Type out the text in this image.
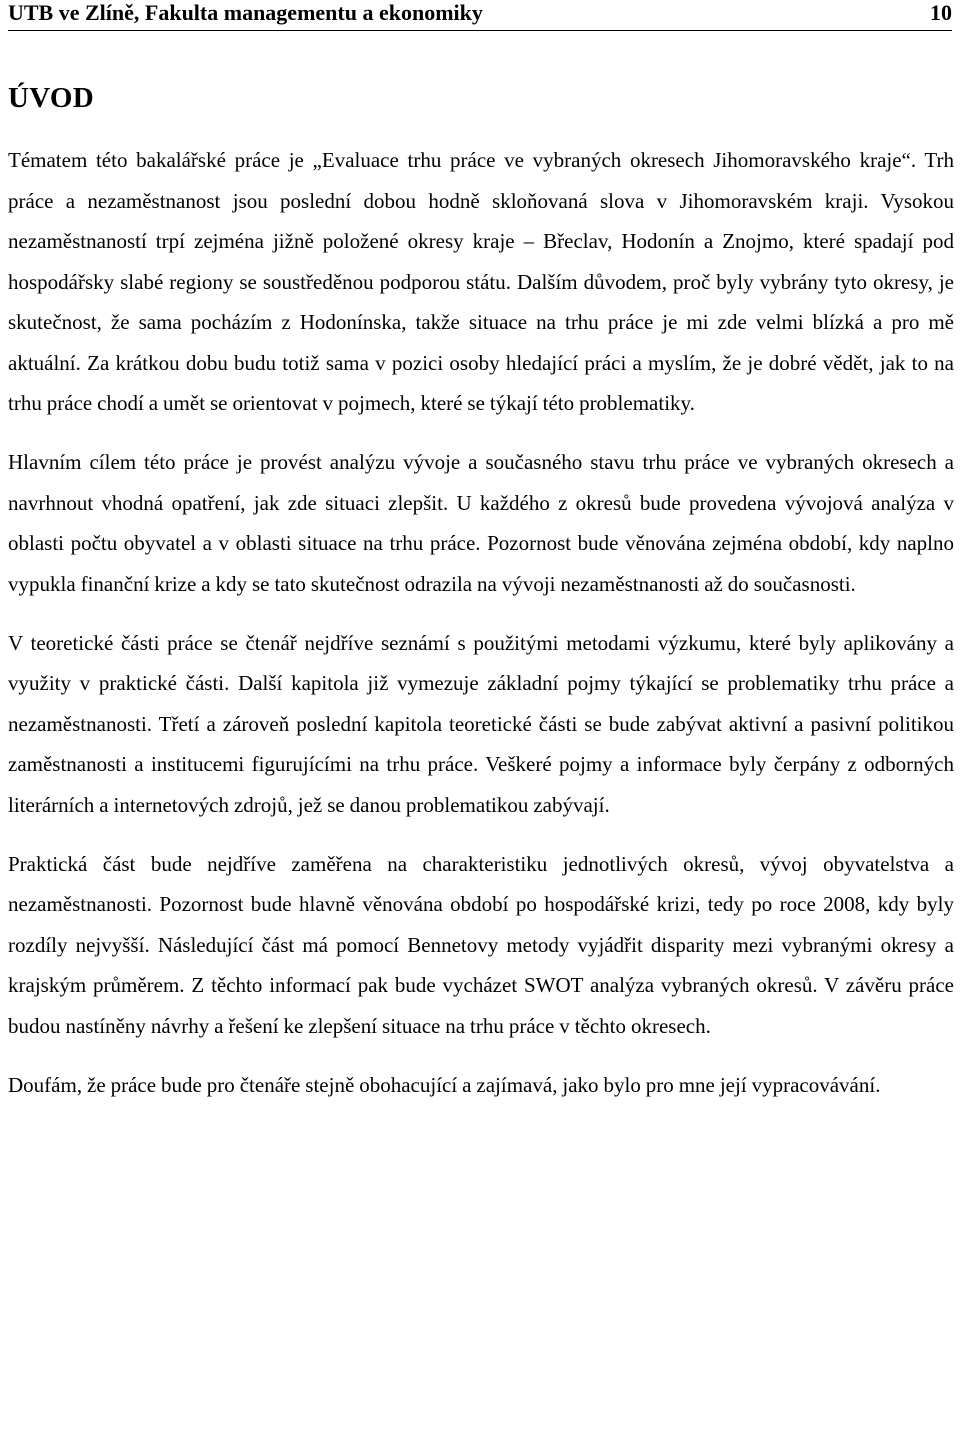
UTB ve Zlíně, Fakulta managementu a ekonomiky	10
ÚVOD

Tématem této bakalářské práce je „Evaluace trhu práce ve vybraných okresech Jihomoravského kraje“. Trh práce a nezaměstnanost jsou poslední dobou hodně skloňovaná slova v Jihomoravském kraji. Vysokou nezaměstnaností trpí zejména jižně položené okresy kraje – Břeclav, Hodonín a Znojmo, které spadají pod hospodářsky slabé regiony se soustředěnou podporou státu. Dalším důvodem, proč byly vybrány tyto okresy, je skutečnost, že sama pocházím z Hodonínska, takže situace na trhu práce je mi zde velmi blízká a pro mě aktuální. Za krátkou dobu budu totiž sama v pozici osoby hledající práci a myslím, že je dobré vědět, jak to na trhu práce chodí a umět se orientovat v pojmech, které se týkají této problematiky.

Hlavním cílem této práce je provést analýzu vývoje a současného stavu trhu práce ve vybraných okresech a navrhnout vhodná opatření, jak zde situaci zlepšit. U každého z okresů bude provedena vývojová analýza v oblasti počtu obyvatel a v oblasti situace na trhu práce. Pozornost bude věnována zejména období, kdy naplno vypukla finanční krize a kdy se tato skutečnost odrazila na vývoji nezaměstnanosti až do současnosti.

V teoretické části práce se čtenář nejdříve seznámí s použitými metodami výzkumu, které byly aplikovány a využity v praktické části. Další kapitola již vymezuje základní pojmy týkající se problematiky trhu práce a nezaměstnanosti. Třetí a zároveň poslední kapitola teoretické části se bude zabývat aktivní a pasivní politikou zaměstnanosti a institucemi figurujícími na trhu práce. Veškeré pojmy a informace byly čerpány z odborných literárních a internetových zdrojů, jež se danou problematikou zabývají.

Praktická část bude nejdříve zaměřena na charakteristiku jednotlivých okresů, vývoj obyvatelstva a nezaměstnanosti. Pozornost bude hlavně věnována období po hospodářské krizi, tedy po roce 2008, kdy byly rozdíly nejvyšší. Následující část má pomocí Bennetovy metody vyjádřit disparity mezi vybranými okresy a krajským průměrem. Z těchto informací pak bude vycházet SWOT analýza vybraných okresů. V závěru práce budou nastíněny návrhy a řešení ke zlepšení situace na trhu práce v těchto okresech.

Doufám, že práce bude pro čtenáře stejně obohacující a zajímavá, jako bylo pro mne její vypracovávání.
